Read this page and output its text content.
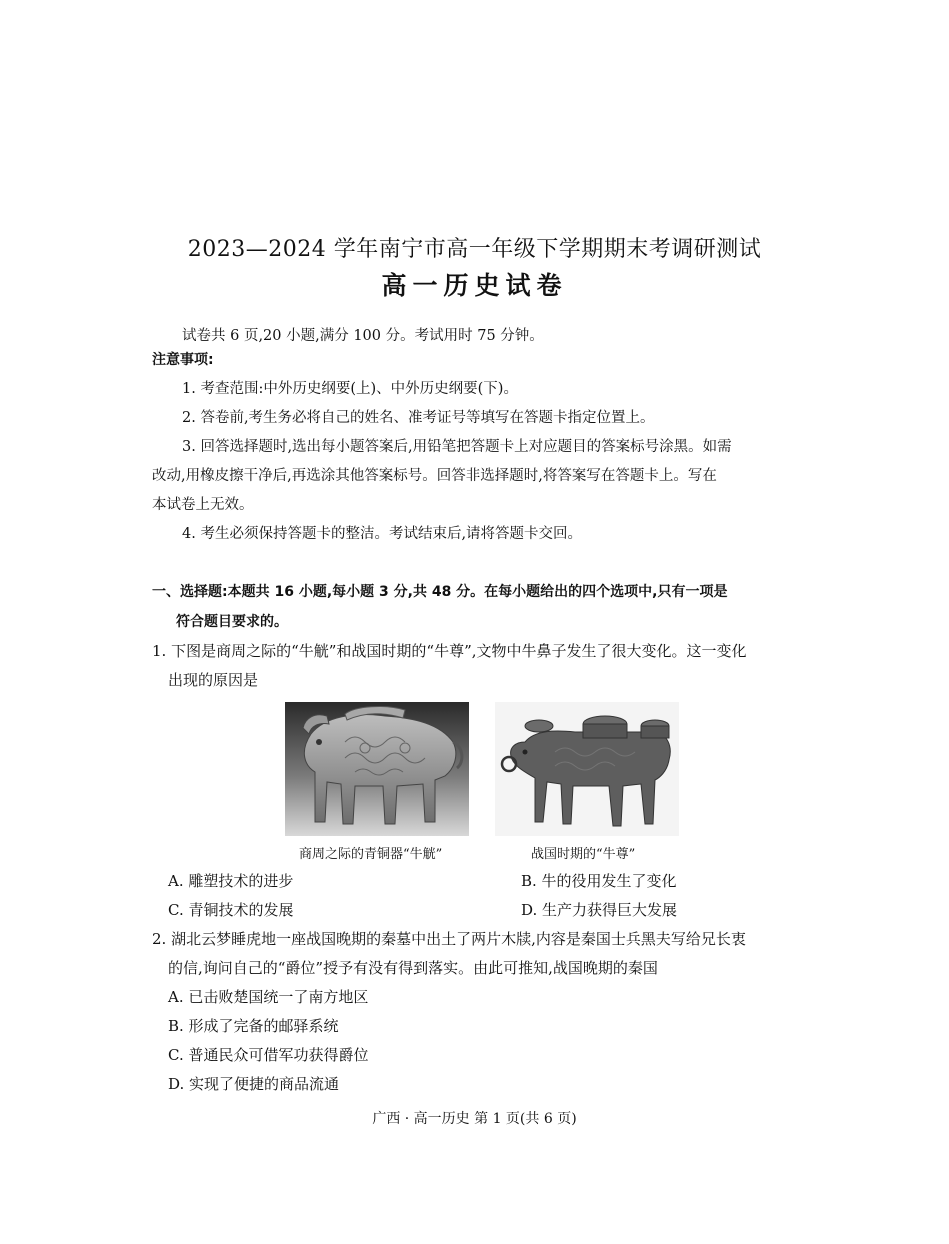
2023—2024 学年南宁市高一年级下学期期末考调研测试
高一历史试卷
试卷共 6 页,20 小题,满分 100 分。考试用时 75 分钟。
注意事项:
1. 考查范围:中外历史纲要(上)、中外历史纲要(下)。
2. 答卷前,考生务必将自己的姓名、准考证号等填写在答题卡指定位置上。
3. 回答选择题时,选出每小题答案后,用铅笔把答题卡上对应题目的答案标号涂黑。如需
改动,用橡皮擦干净后,再选涂其他答案标号。回答非选择题时,将答案写在答题卡上。写在
本试卷上无效。
4. 考生必须保持答题卡的整洁。考试结束后,请将答题卡交回。
一、选择题:本题共 16 小题,每小题 3 分,共 48 分。在每小题给出的四个选项中,只有一项是
符合题目要求的。
1. 下图是商周之际的“牛觥”和战国时期的“牛尊”,文物中牛鼻子发生了很大变化。这一变化
出现的原因是
商周之际的青铜器“牛觥”	战国时期的“牛尊”
A. 雕塑技术的进步	B. 牛的役用发生了变化
C. 青铜技术的发展	D. 生产力获得巨大发展
2. 湖北云梦睡虎地一座战国晚期的秦墓中出土了两片木牍,内容是秦国士兵黑夫写给兄长衷
的信,询问自己的“爵位”授予有没有得到落实。由此可推知,战国晚期的秦国
A. 已击败楚国统一了南方地区
B. 形成了完备的邮驿系统
C. 普通民众可借军功获得爵位
D. 实现了便捷的商品流通
广西 · 高一历史 第 1 页(共 6 页)
